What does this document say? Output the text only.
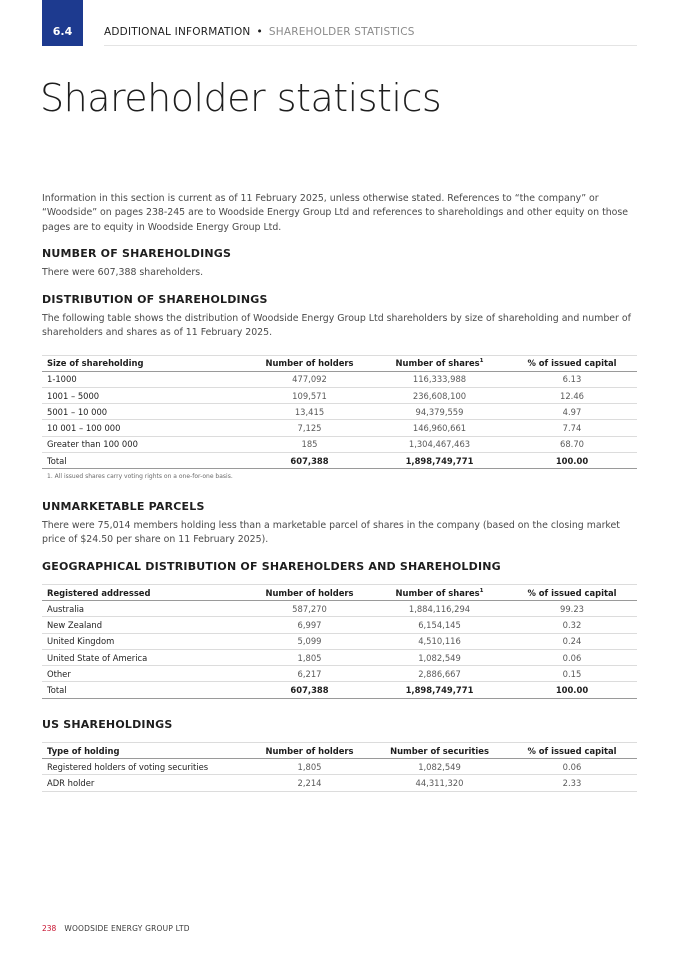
6.4	ADDITIONAL INFORMATION • SHAREHOLDER STATISTICS
Shareholder statistics

Information in this section is current as of 11 February 2025, unless otherwise stated. References to “the company” or “Woodside” on pages 238-245 are to Woodside Energy Group Ltd and references to shareholdings and other equity on those pages are to equity in Woodside Energy Group Ltd.

NUMBER OF SHAREHOLDINGS

There were 607,388 shareholders.

DISTRIBUTION OF SHAREHOLDINGS

The following table shows the distribution of Woodside Energy Group Ltd shareholders by size of shareholding and number of shareholders and shares as of 11 February 2025.

Size of shareholding	Number of holders	Number of shares$^1$	% of issued capital
1-1000	477,092	116,333,988	6.13
1001 – 5000	109,571	236,608,100	12.46
5001 – 10 000	13,415	94,379,559	4.97
10 001 – 100 000	7,125	146,960,661	7.74
Greater than 100 000	185	1,304,467,463	68.70
Total	607,388	1,898,749,771	100.00
1. All issued shares carry voting rights on a one-for-one basis.
UNMARKETABLE PARCELS

There were 75,014 members holding less than a marketable parcel of shares in the company (based on the closing market price of $24.50 per share on 11 February 2025).

GEOGRAPHICAL DISTRIBUTION OF SHAREHOLDERS AND SHAREHOLDING
Registered addressed	Number of holders	Number of shares$^1$	% of issued capital
Australia	587,270	1,884,116,294	99.23
New Zealand	6,997	6,154,145	0.32
United Kingdom	5,099	4,510,116	0.24
United State of America	1,805	1,082,549	0.06
Other	6,217	2,886,667	0.15
Total	607,388	1,898,749,771	100.00
US SHAREHOLDINGS
Type of holding	Number of holders	Number of securities	% of issued capital
Registered holders of voting securities	1,805	1,082,549	0.06
ADR holder	2,214	44,311,320	2.33
238 WOODSIDE ENERGY GROUP LTD
